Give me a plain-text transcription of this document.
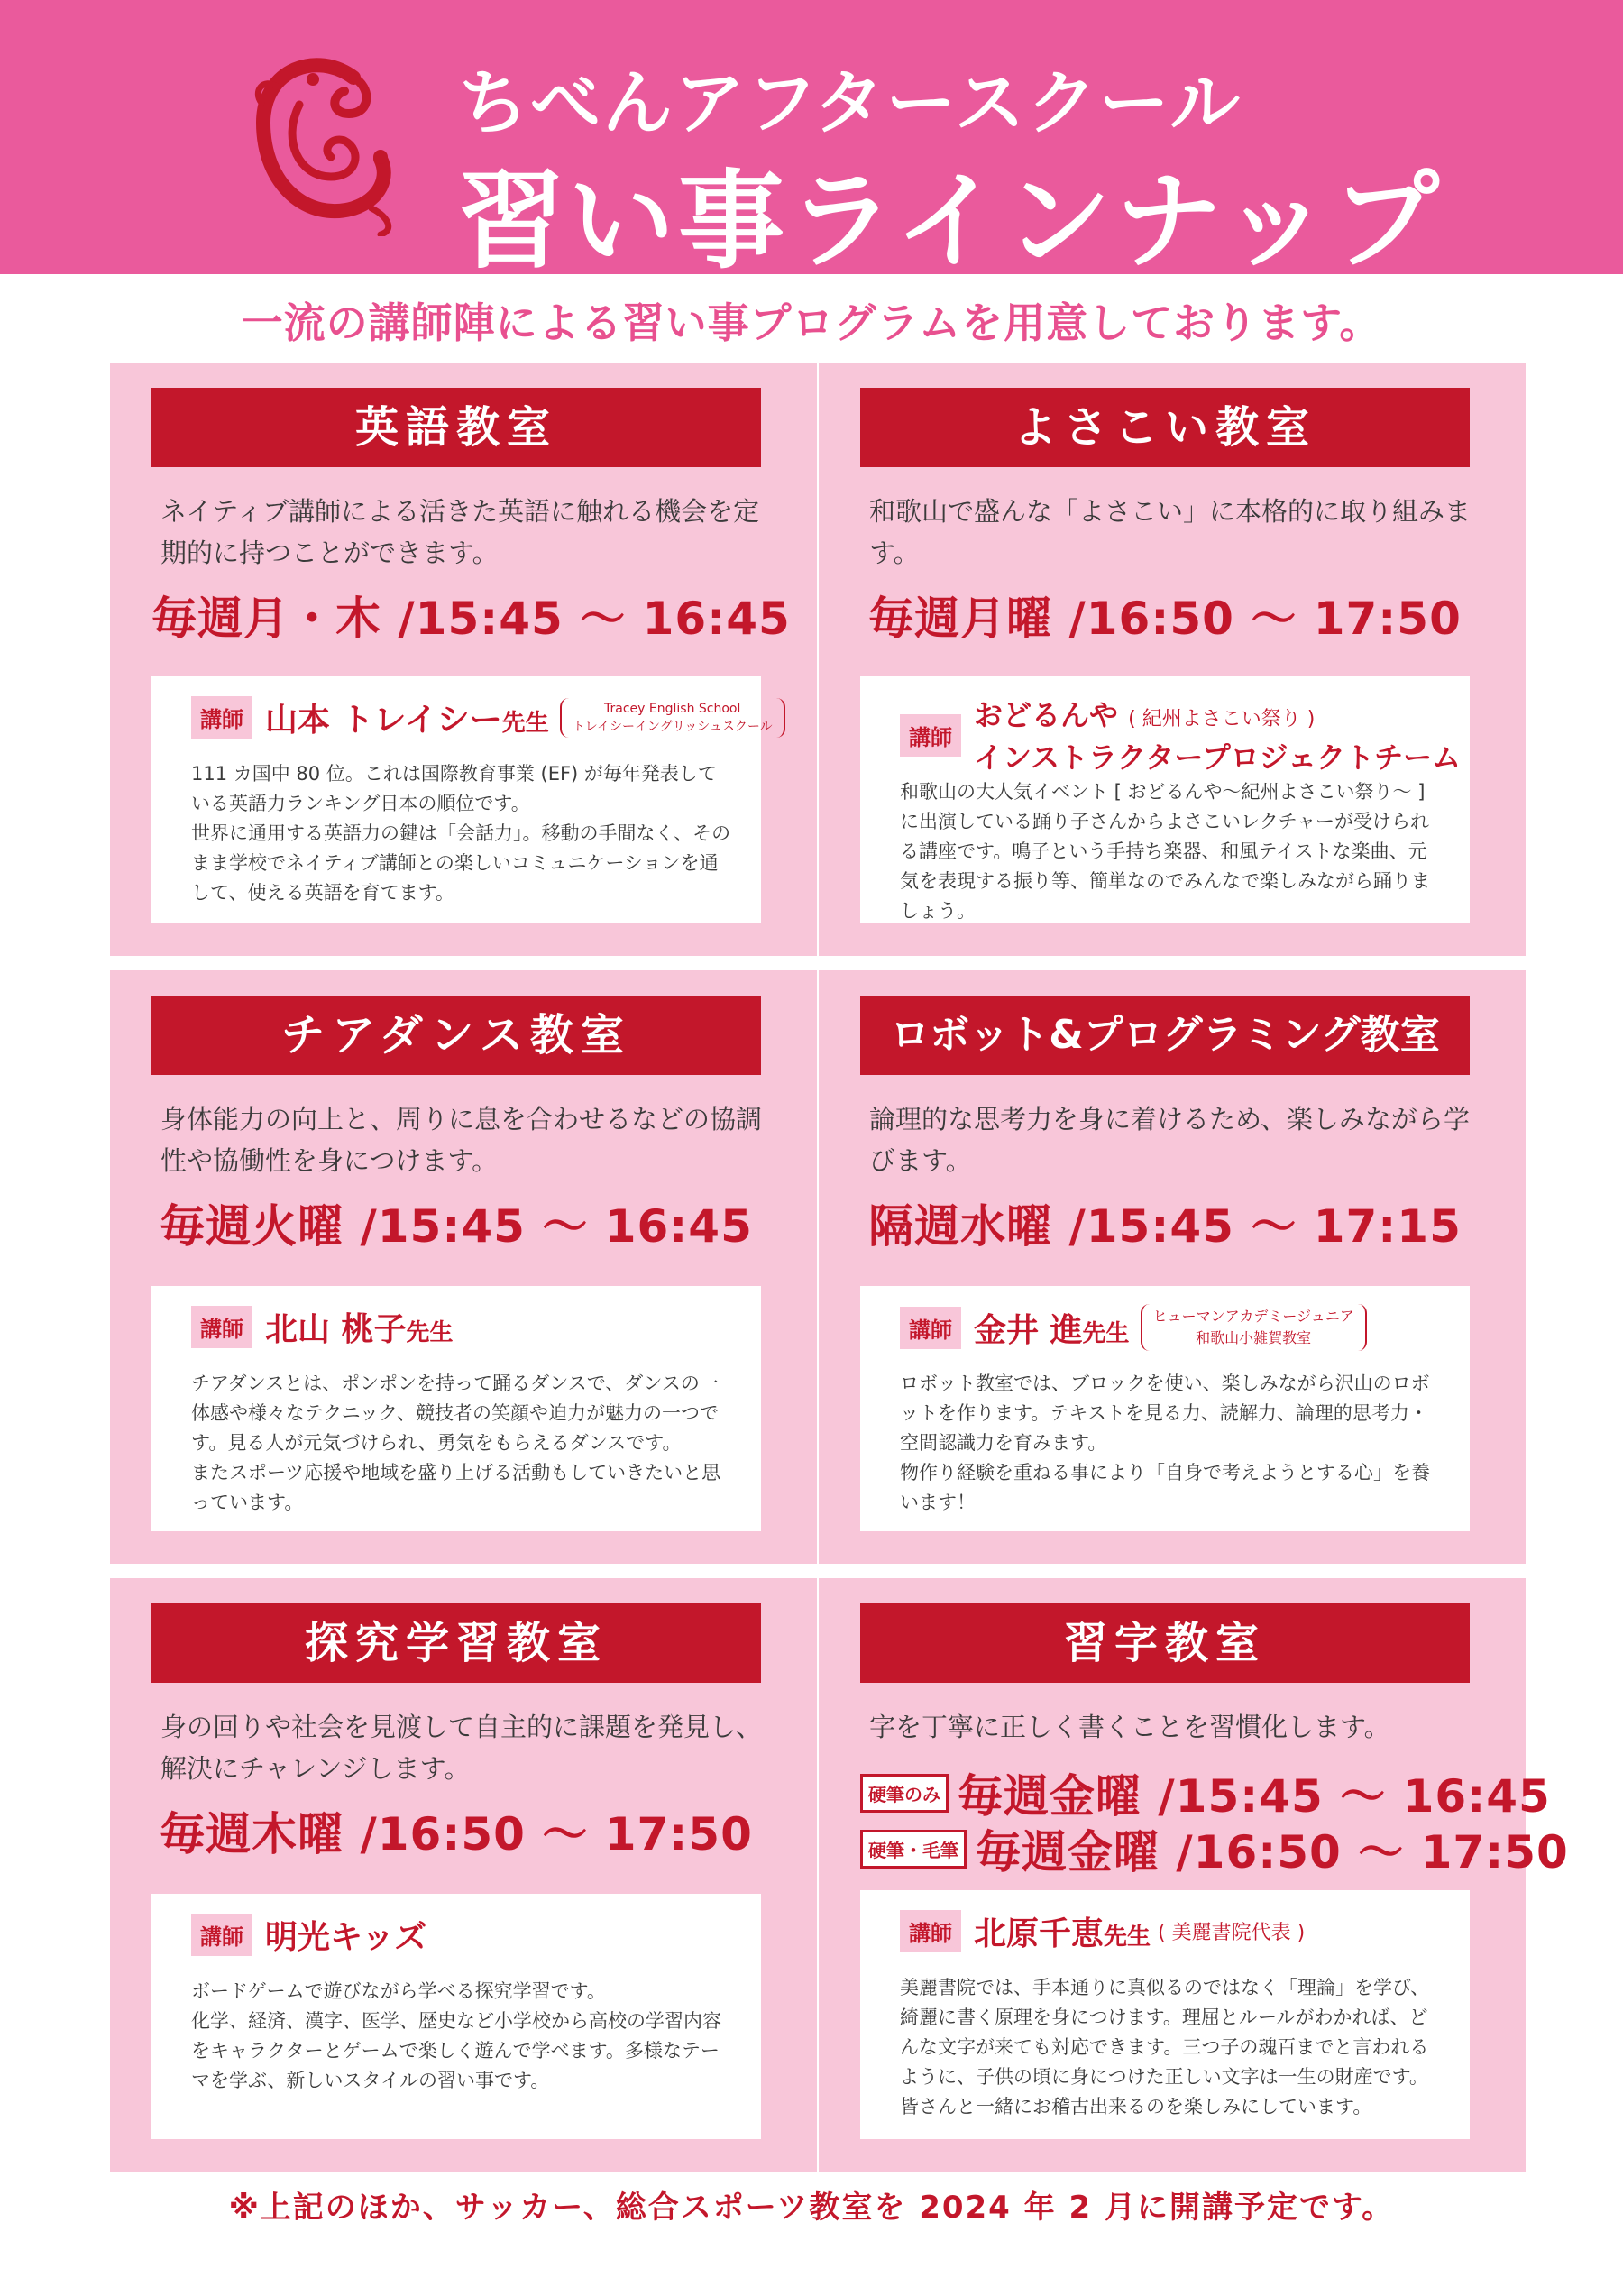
ちべんアフタースクール
習い事ラインナップ
一流の講師陣による習い事プログラムを用意しております。
英語教室
ネイティブ講師による活きた英語に触れる機会を定期的に持つことができます。
毎週月・木 /15:45 〜 16:45
講師 山本 トレイシー先生Tracey English School
トレイシーイングリッシュスクール
111 カ国中 80 位。これは国際教育事業 (EF) が毎年発表している英語力ランキング日本の順位です。
世界に通用する英語力の鍵は「会話力」。移動の手間なく、そのまま学校でネイティブ講師との楽しいコミュニケーションを通して、使える英語を育てます。
よさこい教室
和歌山で盛んな「よさこい」に本格的に取り組みます。
毎週月曜 /16:50 〜 17:50
講師おどるんや ( 紀州よさこい祭り )
インストラクタープロジェクトチーム
和歌山の大人気イベント [ おどるんや〜紀州よさこい祭り〜 ] に出演している踊り子さんからよさこいレクチャーが受けられる講座です。鳴子という手持ち楽器、和風テイストな楽曲、元気を表現する振り等、簡単なのでみんなで楽しみながら踊りましょう。
チアダンス教室
身体能力の向上と、周りに息を合わせるなどの協調性や協働性を身につけます。
毎週火曜 /15:45 〜 16:45
講師 北山 桃子先生
チアダンスとは、ポンポンを持って踊るダンスで、ダンスの一体感や様々なテクニック、競技者の笑顔や迫力が魅力の一つです。見る人が元気づけられ、勇気をもらえるダンスです。
またスポーツ応援や地域を盛り上げる活動もしていきたいと思っています。
ロボット&プログラミング教室
論理的な思考力を身に着けるため、楽しみながら学びます。
隔週水曜 /15:45 〜 17:15
講師 金井 進先生ヒューマンアカデミージュニア
和歌山小雑賀教室
ロボット教室では、ブロックを使い、楽しみながら沢山のロボットを作ります。テキストを見る力、読解力、論理的思考力・空間認識力を育みます。
物作り経験を重ねる事により「自身で考えようとする心」を養います！
探究学習教室
身の回りや社会を見渡して自主的に課題を発見し、解決にチャレンジします。
毎週木曜 /16:50 〜 17:50
講師 明光キッズ
ボードゲームで遊びながら学べる探究学習です。
化学、経済、漢字、医学、歴史など小学校から高校の学習内容をキャラクターとゲームで楽しく遊んで学べます。多様なテーマを学ぶ、新しいスタイルの習い事です。
習字教室
字を丁寧に正しく書くことを習慣化します。
硬筆のみ 毎週金曜 /15:45 〜 16:45
硬筆・毛筆 毎週金曜 /16:50 〜 17:50
講師 北原千恵先生 ( 美麗書院代表 )
美麗書院では、手本通りに真似るのではなく「理論」を学び、綺麗に書く原理を身につけます。理屈とルールがわかれば、どんな文字が来ても対応できます。三つ子の魂百までと言われるように、子供の頃に身につけた正しい文字は一生の財産です。皆さんと一緒にお稽古出来るのを楽しみにしています。
※上記のほか、サッカー、総合スポーツ教室を 2024 年 2 月に開講予定です。
